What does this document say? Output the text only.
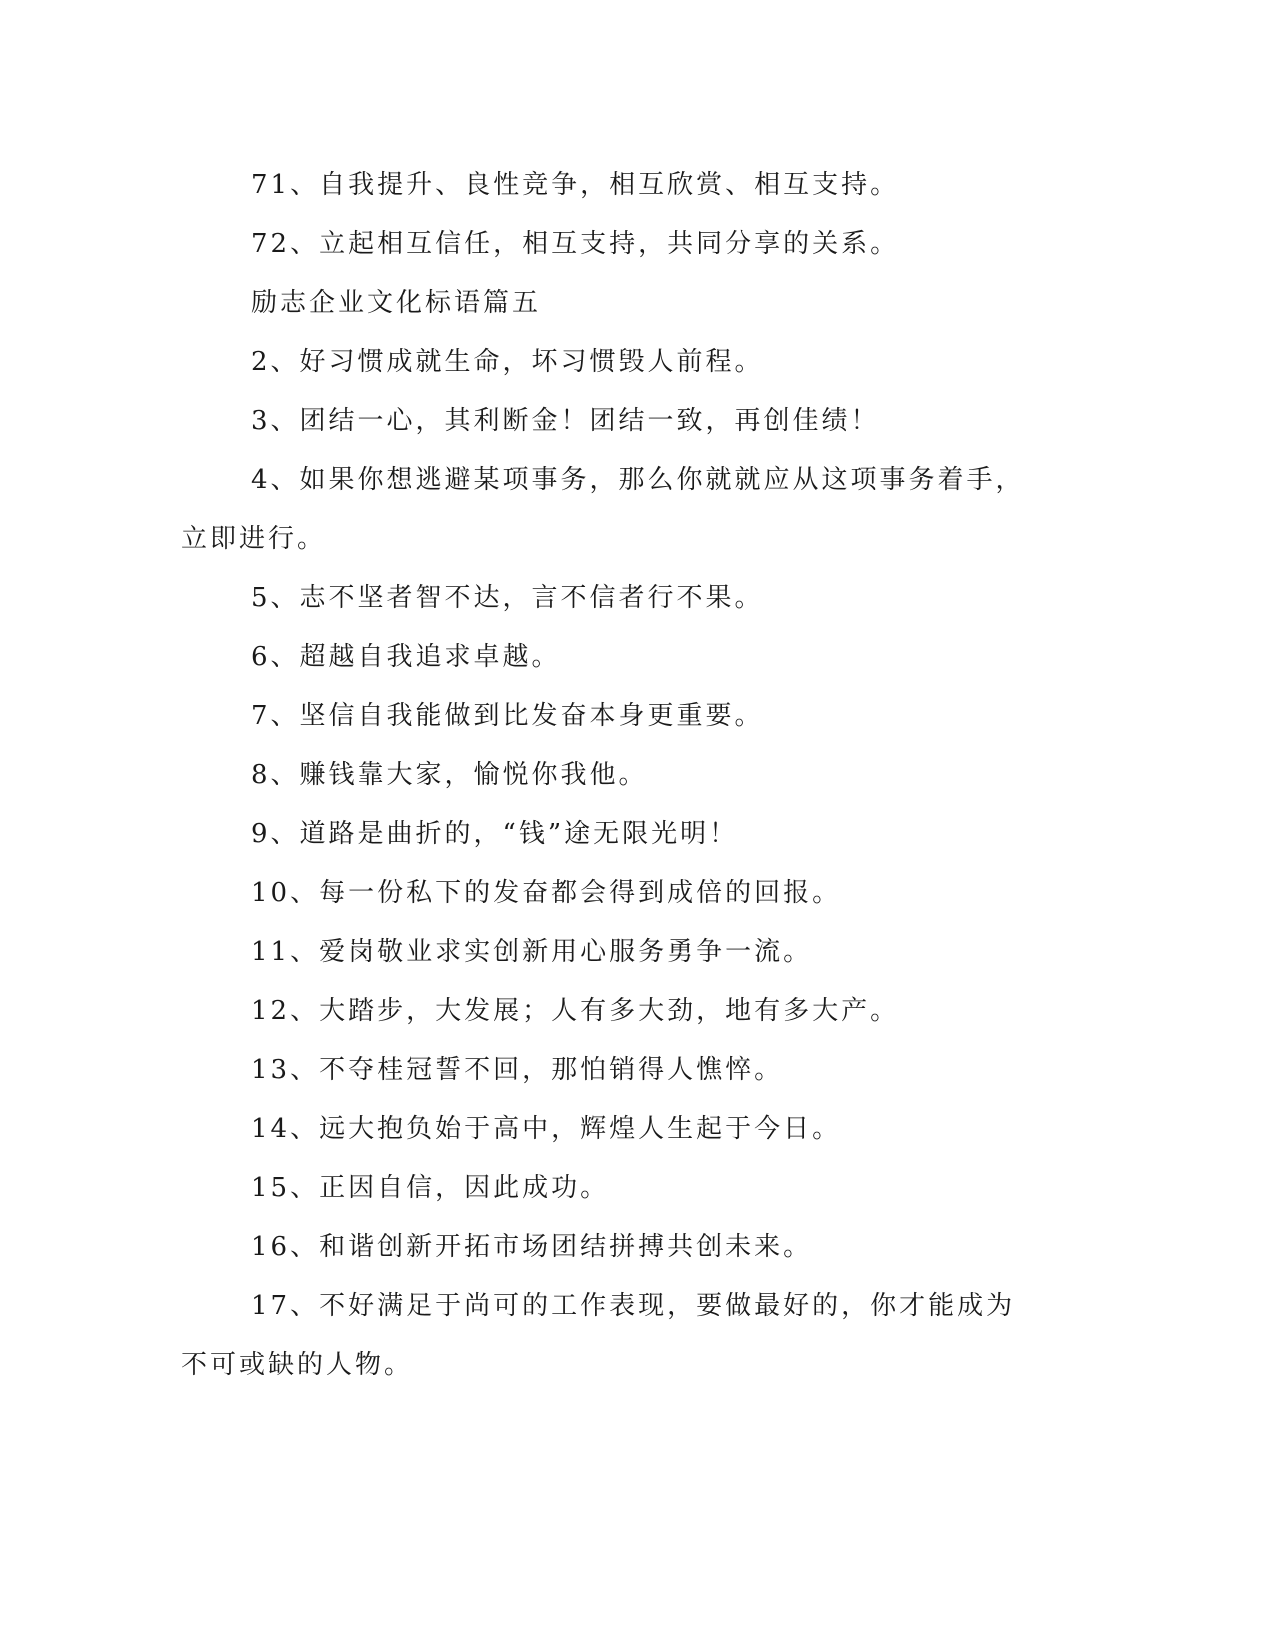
71、自我提升、良性竞争，相互欣赏、相互支持。

72、立起相互信任，相互支持，共同分享的关系。

励志企业文化标语篇五

2、好习惯成就生命，坏习惯毁人前程。

3、团结一心，其利断金！团结一致，再创佳绩！

4、如果你想逃避某项事务，那么你就就应从这项事务着手，立即进行。

5、志不坚者智不达，言不信者行不果。

6、超越自我追求卓越。

7、坚信自我能做到比发奋本身更重要。

8、赚钱靠大家，愉悦你我他。

9、道路是曲折的，“钱”途无限光明！

10、每一份私下的发奋都会得到成倍的回报。

11、爱岗敬业求实创新用心服务勇争一流。

12、大踏步，大发展；人有多大劲，地有多大产。

13、不夺桂冠誓不回，那怕销得人憔悴。

14、远大抱负始于高中，辉煌人生起于今日。

15、正因自信，因此成功。

16、和谐创新开拓市场团结拼搏共创未来。

17、不好满足于尚可的工作表现，要做最好的，你才能成为不可或缺的人物。
